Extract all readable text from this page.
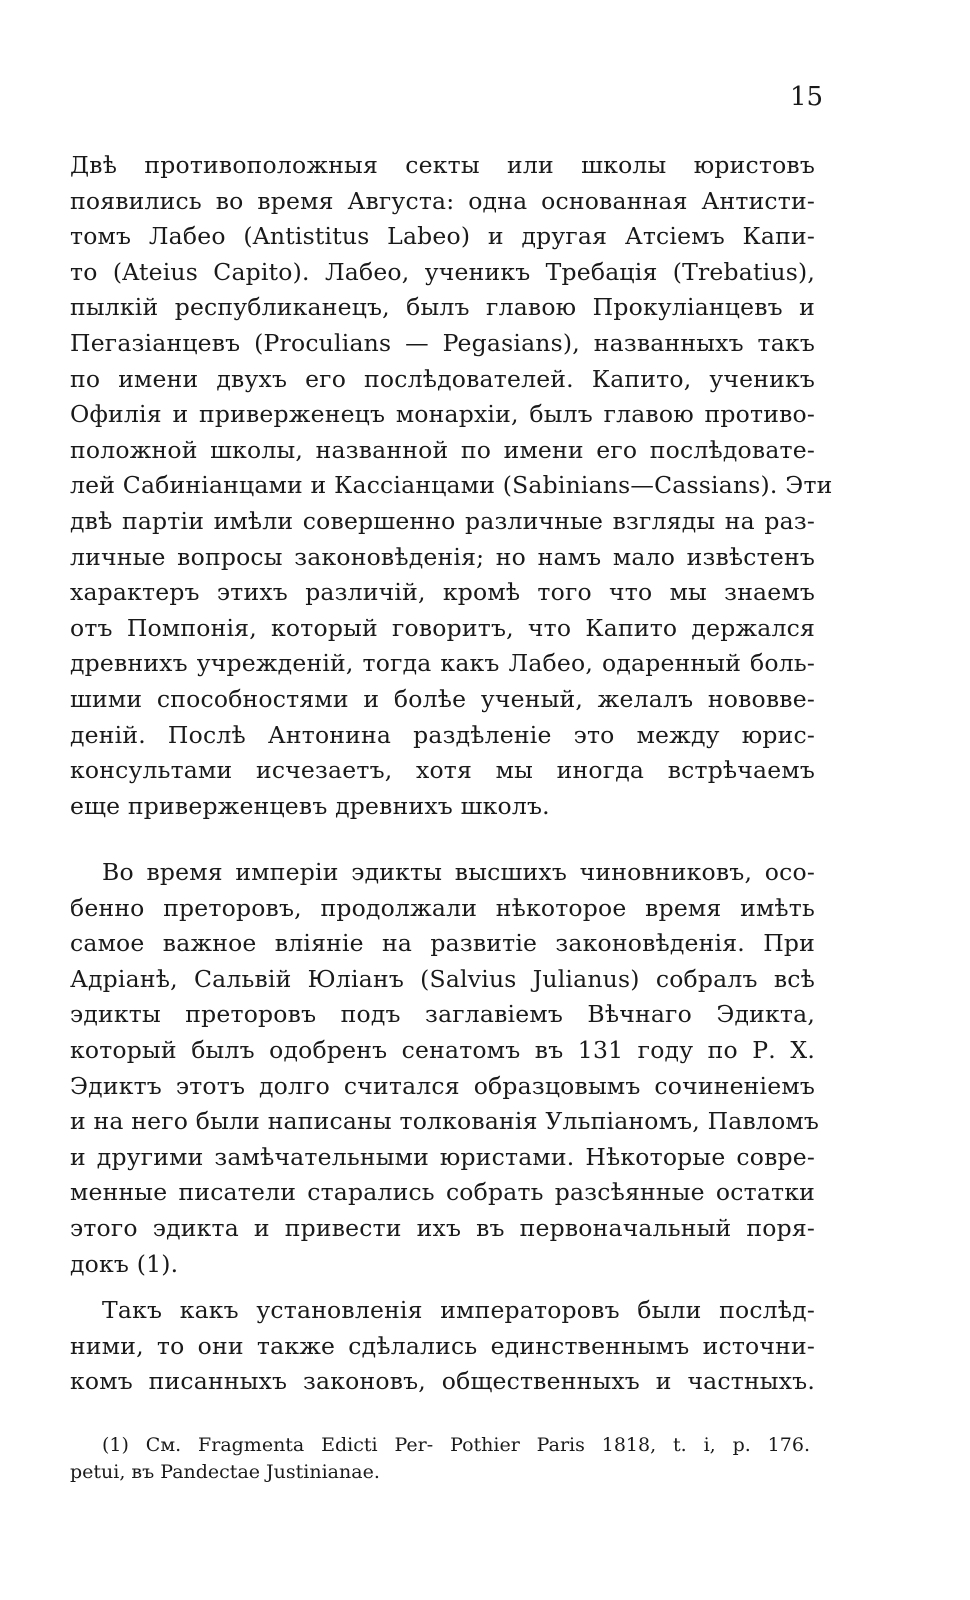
15
Двѣ противоположныя секты или школы юристовъ
появились во время Августа: одна основанная Антисти-
томъ Лабео (Antistitus Labeo) и другая Атсіемъ Капи-
то (Ateius Capito). Лабео, ученикъ Требація (Trebatius),
пылкій республиканецъ, былъ главою Прокуліанцевъ и
Пегазіанцевъ (Proculians — Pegasians), названныхъ такъ
по имени двухъ его послѣдователей. Капито, ученикъ
Офилія и приверженецъ монархіи, былъ главою противо-
положной школы, названной по имени его послѣдовате-
лей Сабиніанцами и Кассіанцами (Sabinians—Cassians). Эти
двѣ партіи имѣли совершенно различные взгляды на раз-
личные вопросы законовѣденія; но намъ мало извѣстенъ
характеръ этихъ различій, кромѣ того что мы знаемъ
отъ Помпонія, который говоритъ, что Капито держался
древнихъ учрежденій, тогда какъ Лабео, одаренный боль-
шими способностями и болѣе ученый, желалъ нововве-
деній. Послѣ Антонина раздѣленіе это между юрис-
консультами исчезаетъ, хотя мы иногда встрѣчаемъ
еще приверженцевъ древнихъ школъ.
Во время имперіи эдикты высшихъ чиновниковъ, осо-
бенно преторовъ, продолжали нѣкоторое время имѣть
самое важное вліяніе на развитіе законовѣденія. При
Адріанѣ, Сальвій Юліанъ (Salvius Julianus) собралъ всѣ
эдикты преторовъ подъ заглавіемъ Вѣчнаго Эдикта,
который былъ одобренъ сенатомъ въ 131 году по Р. X.
Эдиктъ этотъ долго считался образцовымъ сочиненіемъ
и на него были написаны толкованія Ульпіаномъ, Павломъ
и другими замѣчательными юристами. Нѣкоторые совре-
менные писатели старались собрать разсѣянные остатки
этого эдикта и привести ихъ въ первоначальный поря-
докъ (1).
Такъ какъ установленія императоровъ были послѣд-
ними, то они также сдѣлались единственнымъ источни-
комъ писанныхъ законовъ, общественныхъ и частныхъ.
(1) См. Fragmenta Edicti Per- Pothier Paris 1818, t. i, p. 176.
petui, въ Pandectae Justinianae.
